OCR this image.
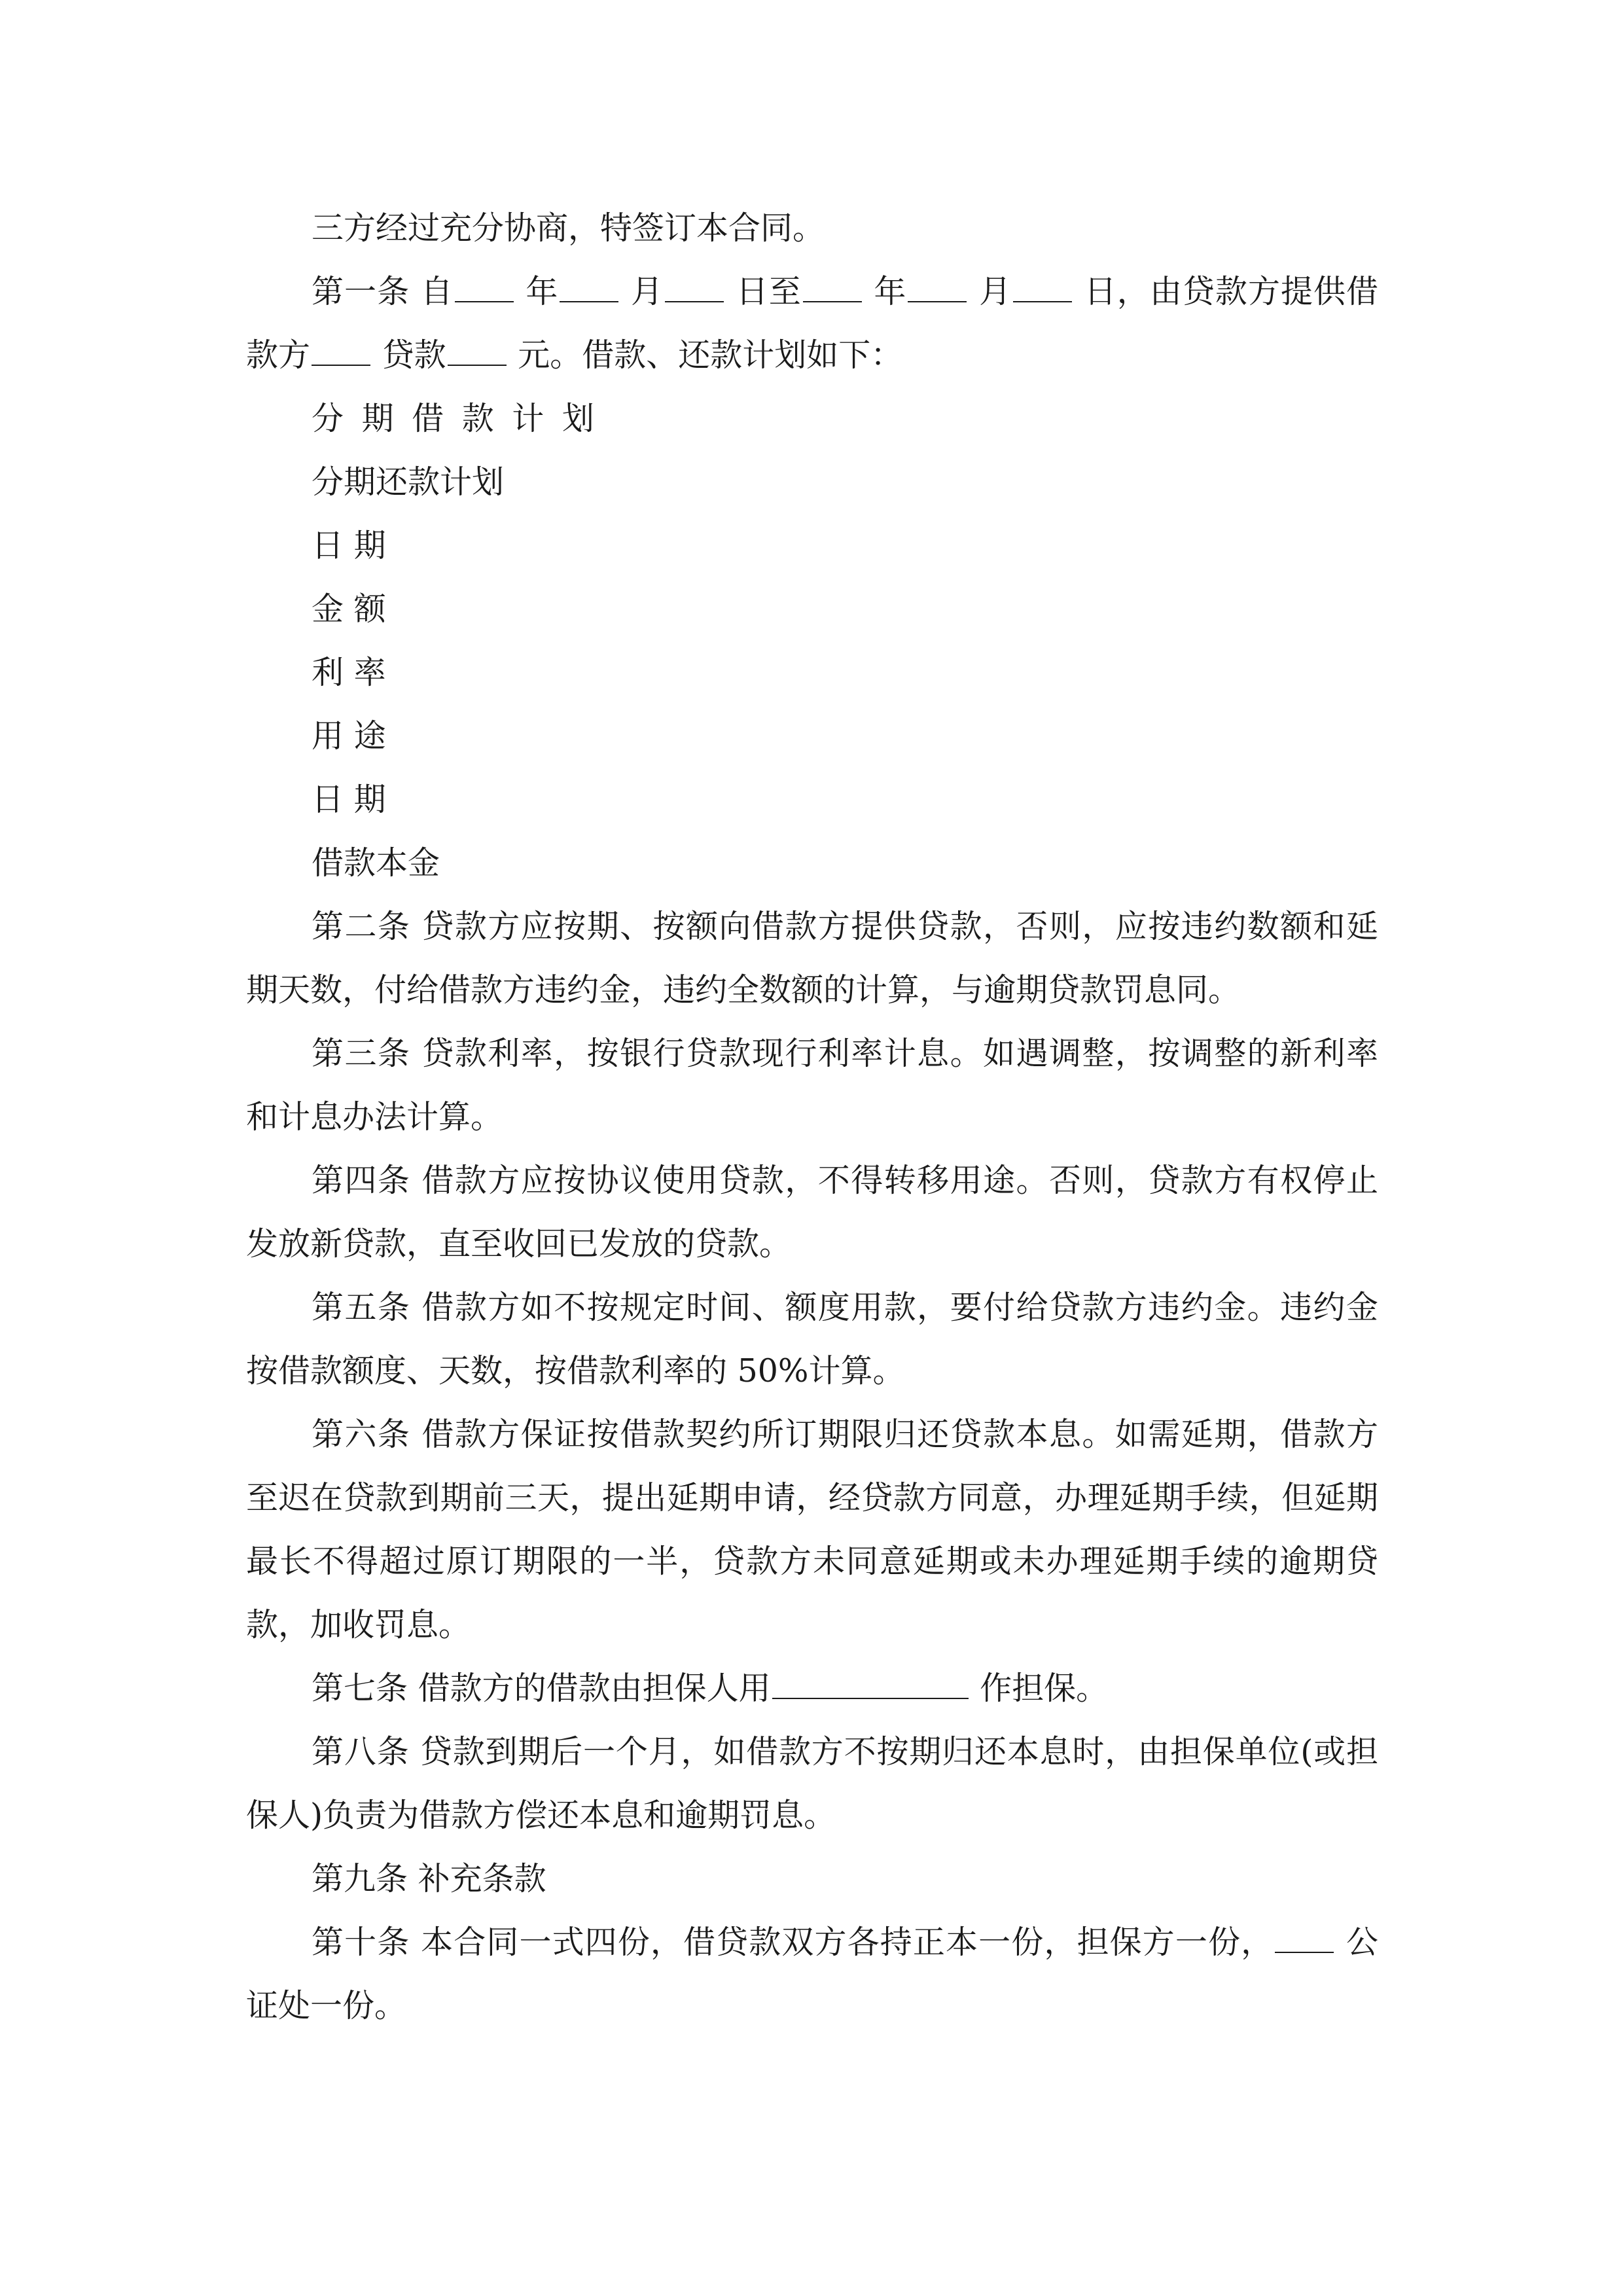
三方经过充分协商，特签订本合同。

第一条 自 年 月 日至 年 月 日，由贷款方提供借款方 贷款 元。借款、还款计划如下：

分 期 借 款 计 划

分期还款计划

日 期

金 额

利 率

用 途

日 期

借款本金

第二条 贷款方应按期、按额向借款方提供贷款，否则，应按违约数额和延期天数，付给借款方违约金，违约全数额的计算，与逾期贷款罚息同。

第三条 贷款利率，按银行贷款现行利率计息。如遇调整，按调整的新利率和计息办法计算。

第四条 借款方应按协议使用贷款，不得转移用途。否则，贷款方有权停止发放新贷款，直至收回已发放的贷款。

第五条 借款方如不按规定时间、额度用款，要付给贷款方违约金。违约金按借款额度、天数，按借款利率的 50%计算。

第六条 借款方保证按借款契约所订期限归还贷款本息。如需延期，借款方至迟在贷款到期前三天，提出延期申请，经贷款方同意，办理延期手续，但延期最长不得超过原订期限的一半，贷款方未同意延期或未办理延期手续的逾期贷款，加收罚息。

第七条 借款方的借款由担保人用	作担保。

第八条 贷款到期后一个月，如借款方不按期归还本息时，由担保单位(或担保人)负责为借款方偿还本息和逾期罚息。

第九条 补充条款

第十条 本合同一式四份，借贷款双方各持正本一份，担保方一份， 公证处一份。
